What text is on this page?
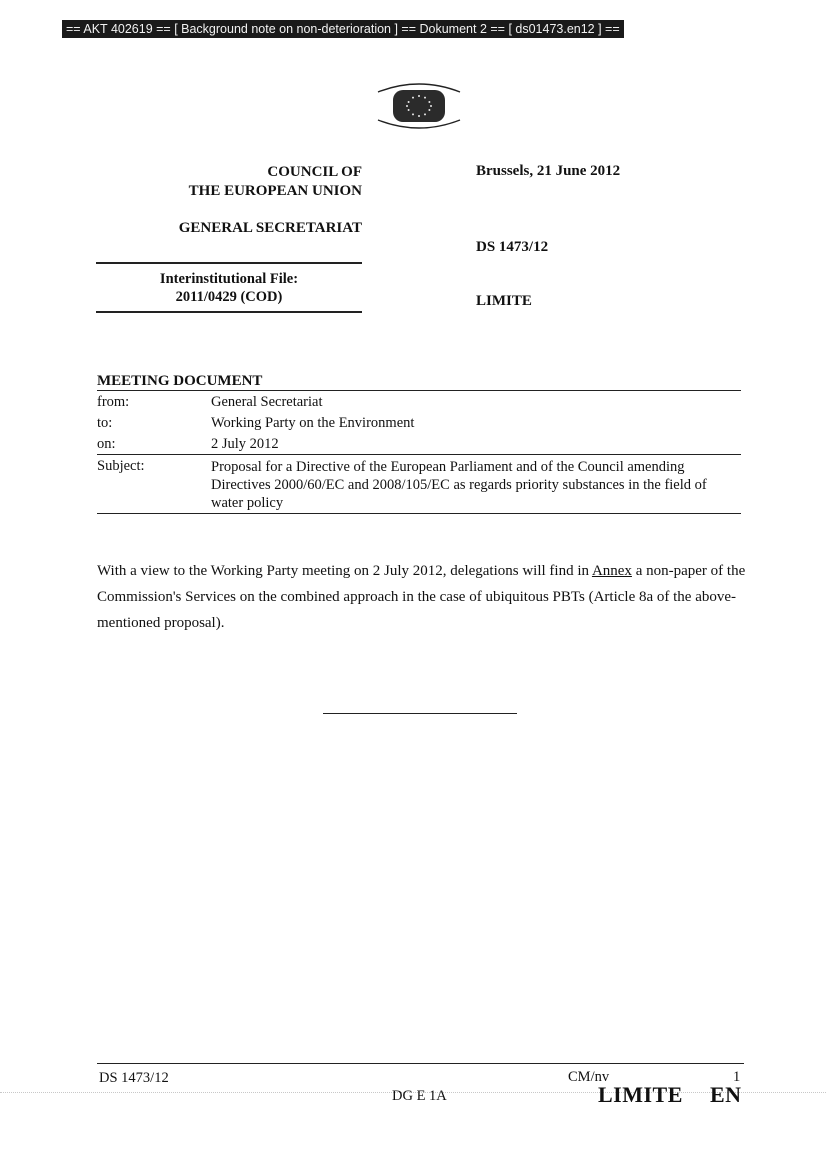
== AKT 402619 == [ Background note on non-deterioration ] == Dokument 2 == [ ds01473.en12 ] ==
COUNCIL OF
THE EUROPEAN UNION
GENERAL SECRETARIAT
Interinstitutional File:
2011/0429 (COD)
Brussels, 21 June 2012
DS 1473/12
LIMITE
MEETING DOCUMENT
from:	General Secretariat
to:	Working Party on the Environment
on:	2 July 2012
Subject:	Proposal for a Directive of the European Parliament and of the Council amending Directives 2000/60/EC and 2008/105/EC as regards priority substances in the field of water policy
With a view to the Working Party meeting on 2 July 2012, delegations will find in Annex a non-paper of the Commission's Services on the combined approach in the case of ubiquitous PBTs (Article 8a of the above-mentioned proposal).
DS 1473/12	CM/nv	1
DG E 1A	LIMITE EN
